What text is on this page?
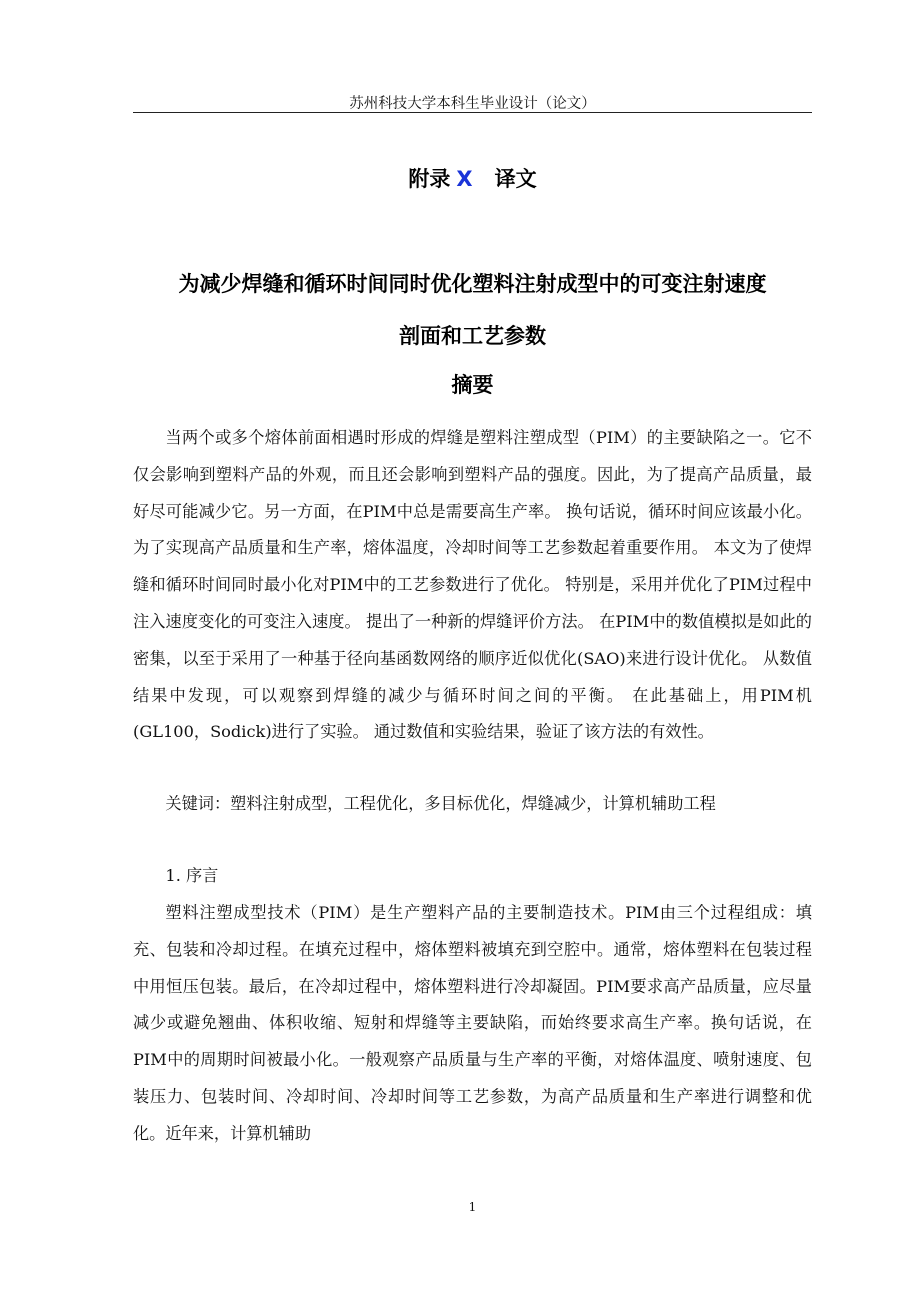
苏州科技大学本科生毕业设计（论文）
附录 X 译文
为减少焊缝和循环时间同时优化塑料注射成型中的可变注射速度
剖面和工艺参数
摘要

当两个或多个熔体前面相遇时形成的焊缝是塑料注塑成型（PIM）的主要缺陷之一。它不仅会影响到塑料产品的外观，而且还会影响到塑料产品的强度。因此，为了提高产品质量，最好尽可能减少它。另一方面，在PIM中总是需要高生产率。 换句话说，循环时间应该最小化。为了实现高产品质量和生产率，熔体温度，冷却时间等工艺参数起着重要作用。 本文为了使焊缝和循环时间同时最小化对PIM中的工艺参数进行了优化。 特别是，采用并优化了PIM过程中注入速度变化的可变注入速度。 提出了一种新的焊缝评价方法。 在PIM中的数值模拟是如此的密集，以至于采用了一种基于径向基函数网络的顺序近似优化(SAO)来进行设计优化。 从数值结果中发现，可以观察到焊缝的减少与循环时间之间的平衡。 在此基础上，用PIM机(GL100，Sodick)进行了实验。 通过数值和实验结果，验证了该方法的有效性。

关键词：塑料注射成型，工程优化，多目标优化，焊缝减少，计算机辅助工程

1. 序言

塑料注塑成型技术（PIM）是生产塑料产品的主要制造技术。PIM由三个过程组成：填充、包装和冷却过程。在填充过程中，熔体塑料被填充到空腔中。通常，熔体塑料在包装过程中用恒压包装。最后，在冷却过程中，熔体塑料进行冷却凝固。PIM要求高产品质量，应尽量减少或避免翘曲、体积收缩、短射和焊缝等主要缺陷，而始终要求高生产率。换句话说，在PIM中的周期时间被最小化。一般观察产品质量与生产率的平衡，对熔体温度、喷射速度、包装压力、包装时间、冷却时间、冷却时间等工艺参数，为高产品质量和生产率进行调整和优化。近年来，计算机辅助

1
